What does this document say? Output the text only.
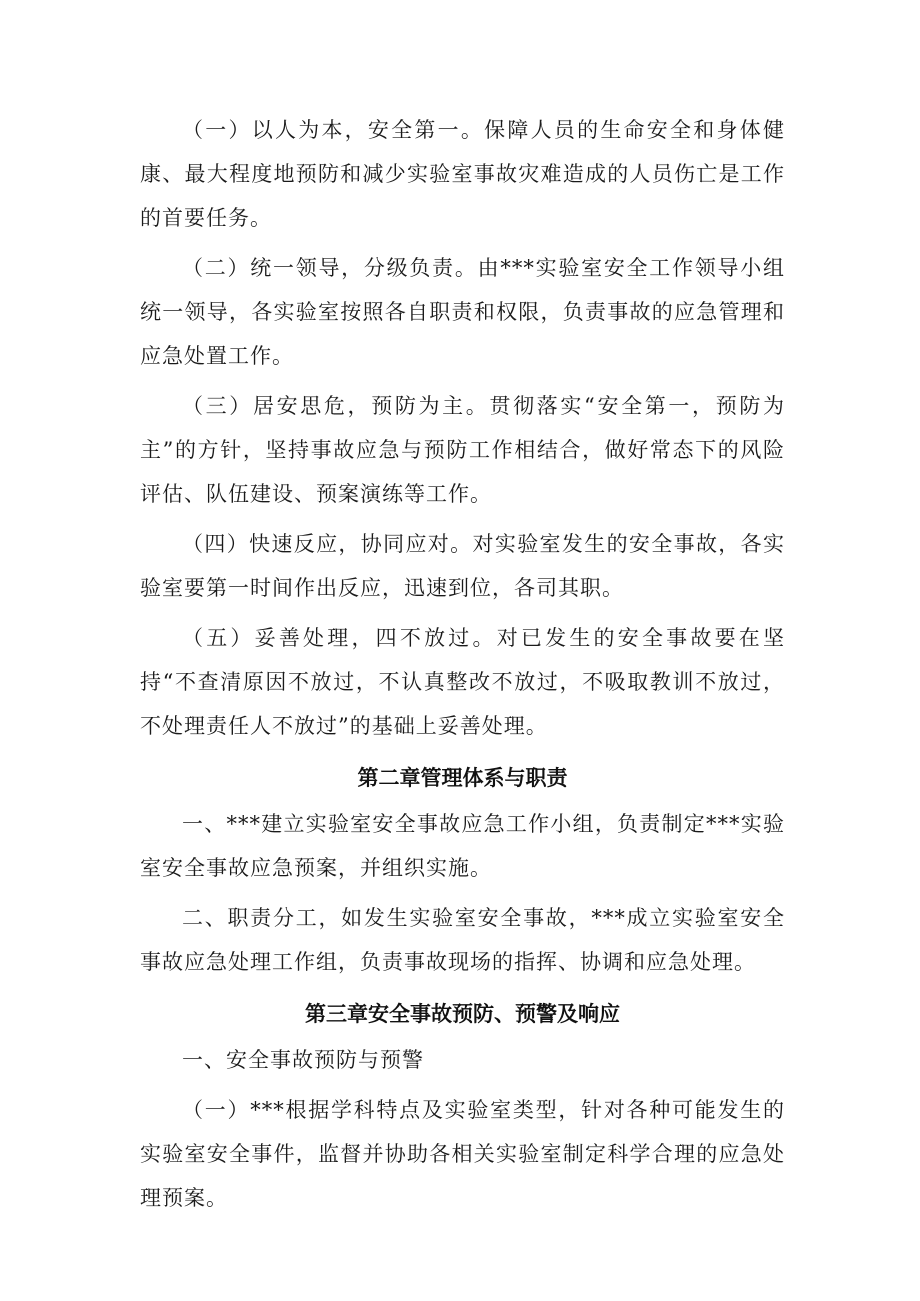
（一）以人为本，安全第一。保障人员的生命安全和身体健康、最大程度地预防和减少实验室事故灾难造成的人员伤亡是工作的首要任务。

（二）统一领导，分级负责。由***实验室安全工作领导小组统一领导，各实验室按照各自职责和权限，负责事故的应急管理和应急处置工作。

（三）居安思危，预防为主。贯彻落实“安全第一，预防为主”的方针，坚持事故应急与预防工作相结合，做好常态下的风险评估、队伍建设、预案演练等工作。

（四）快速反应，协同应对。对实验室发生的安全事故，各实验室要第一时间作出反应，迅速到位，各司其职。

（五）妥善处理，四不放过。对已发生的安全事故要在坚持“不查清原因不放过，不认真整改不放过，不吸取教训不放过，不处理责任人不放过”的基础上妥善处理。

第二章管理体系与职责

一、***建立实验室安全事故应急工作小组，负责制定***实验室安全事故应急预案，并组织实施。

二、职责分工，如发生实验室安全事故，***成立实验室安全事故应急处理工作组，负责事故现场的指挥、协调和应急处理。

第三章安全事故预防、预警及响应

一、安全事故预防与预警

（一）***根据学科特点及实验室类型，针对各种可能发生的实验室安全事件，监督并协助各相关实验室制定科学合理的应急处理预案。
